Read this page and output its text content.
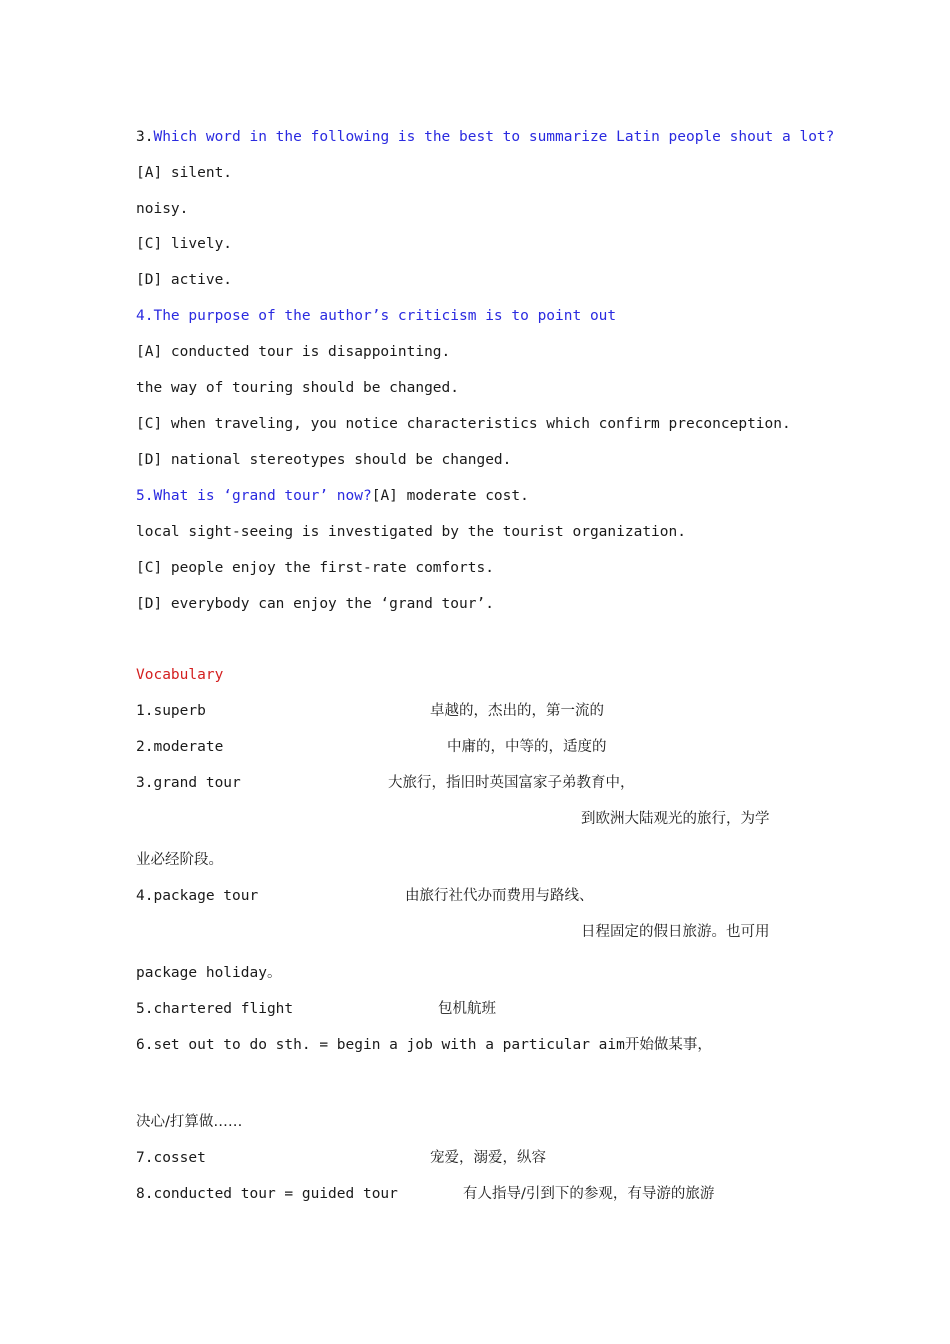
3.Which word in the following is the best to summarize Latin people shout a lot?
[A] silent.
noisy.
[C] lively.
[D] active.
4.The purpose of the author’s criticism is to point out
[A] conducted tour is disappointing.
the way of touring should be changed.
[C] when traveling, you notice characteristics which confirm preconception.
[D] national stereotypes should be changed.
5.What is ‘grand tour’ now?[A] moderate cost.
local sight-seeing is investigated by the tourist organization.
[C] people enjoy the first-rate comforts.
[D] everybody can enjoy the ‘grand tour’.
Vocabulary
1.superb	卓越的，杰出的，第一流的
2.moderate	中庸的，中等的，适度的
3.grand tour	大旅行，指旧时英国富家子弟教育中，
到欧洲大陆观光的旅行，为学
业必经阶段。
4.package tour	由旅行社代办而费用与路线、
日程固定的假日旅游。也可用
package holiday。
5.chartered flight	包机航班
6.set out to do sth. = begin a job with a particular aim开始做某事，
决心/打算做……
7.cosset	宠爱，溺爱，纵容
8.conducted tour = guided tour	有人指导/引到下的参观，有导游的旅游
